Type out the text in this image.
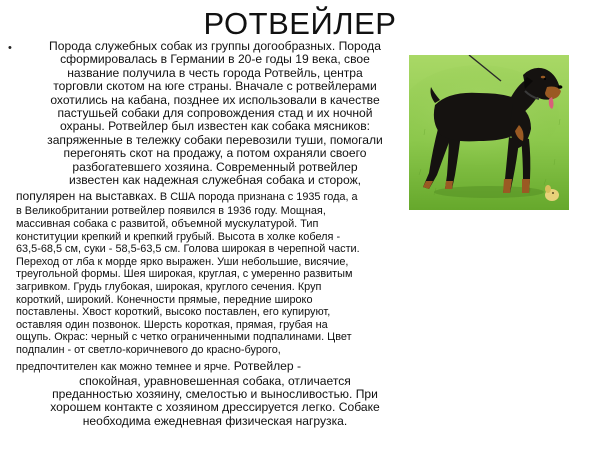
РОТВЕЙЛЕР
•	Порода служебных собак из группы догообразных. Порода
сформировалась в Германии в 20-е годы 19 века, свое
название получила в честь города Ротвейль, центра
торговли скотом на юге страны. Вначале с ротвейлерами
охотились на кабана, позднее их использовали в качестве
пастушьей собаки для сопровождения стад и их ночной
охраны. Ротвейлер был известен как собака мясников:
запряженные в тележку собаки перевозили туши, помогали
перегонять скот на продажу, а потом охраняли своего
разбогатевшего хозяина. Современный ротвейлер
известен как надежная служебная собака и сторож,
популярен на выставках. В США порода признана с 1935 года, а
в Великобритании ротвейлер появился в 1936 году. Мощная,
массивная собака с развитой, объемной мускулатурой. Тип
конституции крепкий и крепкий грубый. Высота в холке кобеля -
63,5-68,5 см, суки - 58,5-63,5 см. Голова широкая в черепной части.
Переход от лба к морде ярко выражен. Уши небольшие, висячие,
треугольной формы. Шея широкая, круглая, с умеренно развитым
загривком. Грудь глубокая, широкая, круглого сечения. Круп
короткий, широкий. Конечности прямые, передние широко
поставлены. Хвост короткий, высоко поставлен, его купируют,
оставляя один позвонок. Шерсть короткая, прямая, грубая на
ощупь. Окрас: черный с четко ограниченными подпалинами. Цвет
подпалин - от светло-коричневого до красно-бурого,
предпочтителен как можно темнее и ярче. Ротвейлер -
спокойная, уравновешенная собака, отличается
преданностью хозяину, смелостью и выносливостью. При
хорошем контакте с хозяином дрессируется легко. Собаке
необходима ежедневная физическая нагрузка.
